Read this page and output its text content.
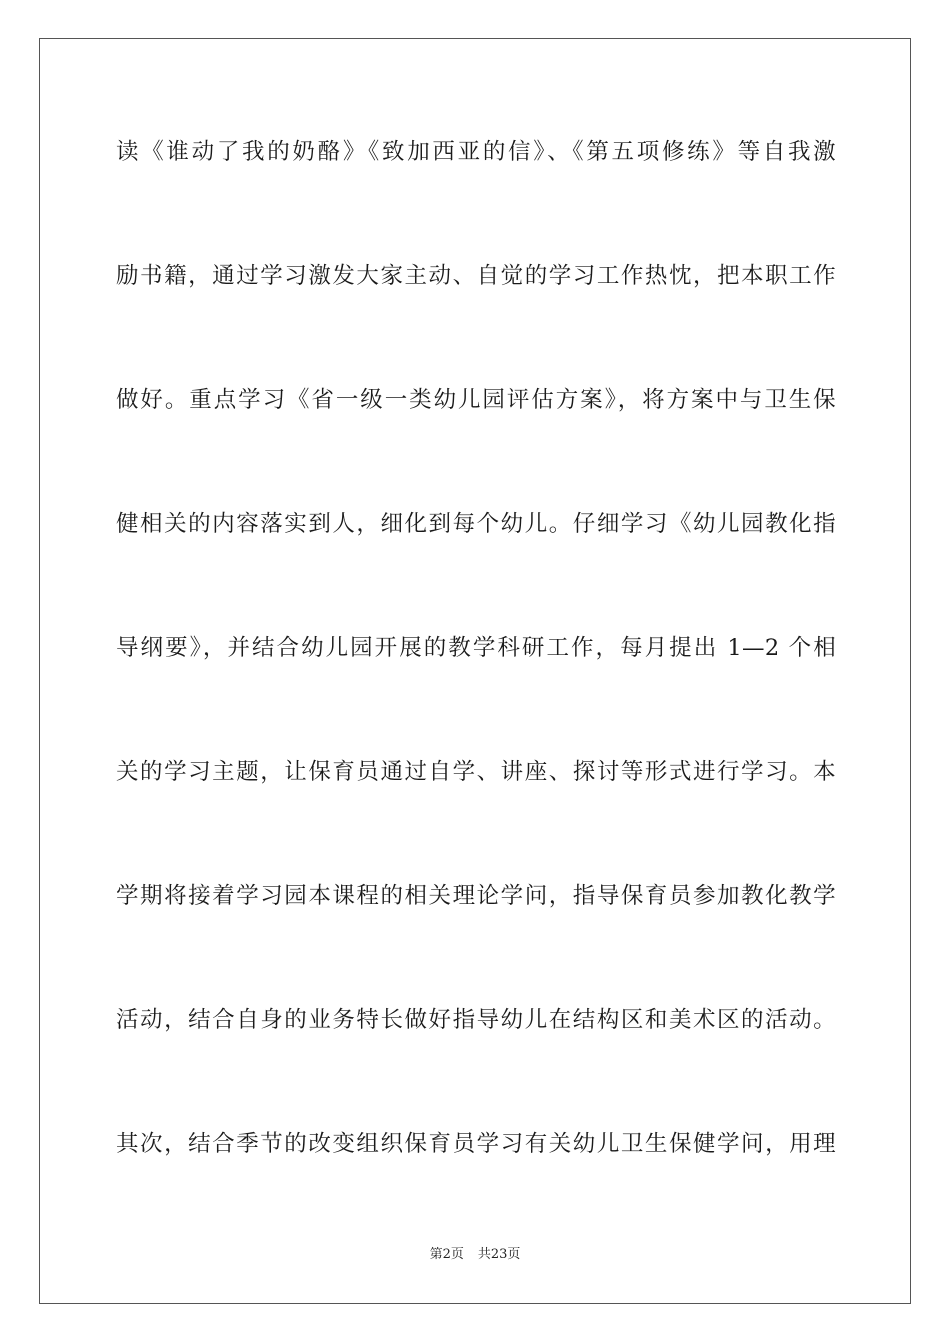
读《谁动了我的奶酪》《致加西亚的信》、《第五项修练》等自我激
励书籍，通过学习激发大家主动、自觉的学习工作热忱，把本职工作
做好。重点学习《省一级一类幼儿园评估方案》，将方案中与卫生保
健相关的内容落实到人，细化到每个幼儿。仔细学习《幼儿园教化指
导纲要》，并结合幼儿园开展的教学科研工作，每月提出 1—2 个相
关的学习主题，让保育员通过自学、讲座、探讨等形式进行学习。本
学期将接着学习园本课程的相关理论学问，指导保育员参加教化教学
活动，结合自身的业务特长做好指导幼儿在结构区和美术区的活动。
其次，结合季节的改变组织保育员学习有关幼儿卫生保健学问，用理
第2页 共23页
